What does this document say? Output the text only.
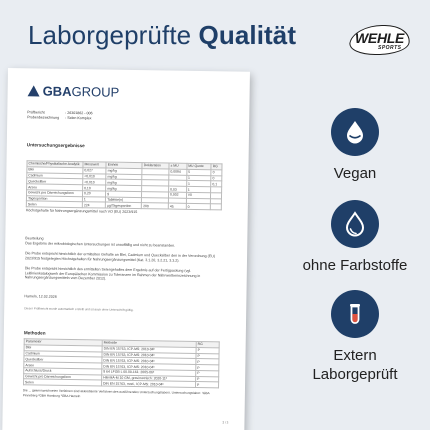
Laborgeprüfte Qualität	WEHLE
SPORTS
GBAGROUP
Prüfbericht	: 26301862 - 006
Probenbezeichnung	: Selen Komplex
Untersuchungsergebnisse
Chemische/Physikalische Analytik	Messwert	Einheit	Deklaration	± MU	MU Quote	RG
Blei	0,027	mg/kg		0,0084	5	0
Cadmium	<0,010	mg/kg			1	0
Quecksilber	<0,010	mg/kg			1	0,1
Arsen	0,10	mg/kg		0,03	1	
Gewicht pro Darreichungsform	0,20	g		0,002	V0	
Tagesportion	1	Tablette(n)				
Selen	224	µg/Tagesportion	200	45	0	
Höchstgehalte für Nahrungsergänzungsmittel nach VO (EU) 2023/915
Beurteilung
Das Ergebnis der mikrobiologischen Untersuchungen ist unauffällig und nicht zu beanstanden.
Die Probe entspricht hinsichtlich der ermittelten Gehalte an Blei, Cadmium und Quecksilber den in der Verordnung (EU) 2023/915 festgelegten Höchstgehalten für Nahrungsergänzungsmittel (Kat. 3.1.20, 3.2.21, 3.3.2).
Die Probe entspricht hinsichtlich des ermittelten Selengehaltes dem Ergebnis auf der Fertigpackung (vgl. Leitlinienkatalogwerk der Europäischen Kommission zu Toleranzen im Rahmen der Nährwertkennzeichnung in Nahrungsergänzungsmitteln vom Dezember 2012).
Hameln, 12.02.2026
Dieser Prüfbericht wurde automatisch erstellt und ist auch ohne Unterschrift gültig.
Methoden
Parameter	Methode	RG
Blei	DIN EN 15763, ICP-MS: 2010-04ᵇ	P
Cadmium	DIN EN 15763, ICP-MS: 2010-04ᵇ	P
Quecksilber	DIN EN 15763, ICP-MS: 2010-04ᵇ	P
Arsen	DIN EN 15763, ICP-MS: 2010-04ᵇ	P
Aufschluss/Druck	§ 64 LFGB L 00.00-161: 2005-06ᵇ	P
Gewicht pro Darreichungsform	HM-MA-M 10 GM, gravimetrisch: 2020-11ᵇ	P
Selen	DIN EN 15763, mod., ICP-MS: 2010-04ᵇ	P
Die ... gekennzeichneten Verfahren sind akkreditierte Verfahren des ausführenden Untersuchungslabors. Untersuchungslabor: ¹GBA Pinneberg ²GBA Hamburg ³GBA Hameln
2 / 3
Vegan
ohne Farbstoffe
Extern Laborgeprüft
